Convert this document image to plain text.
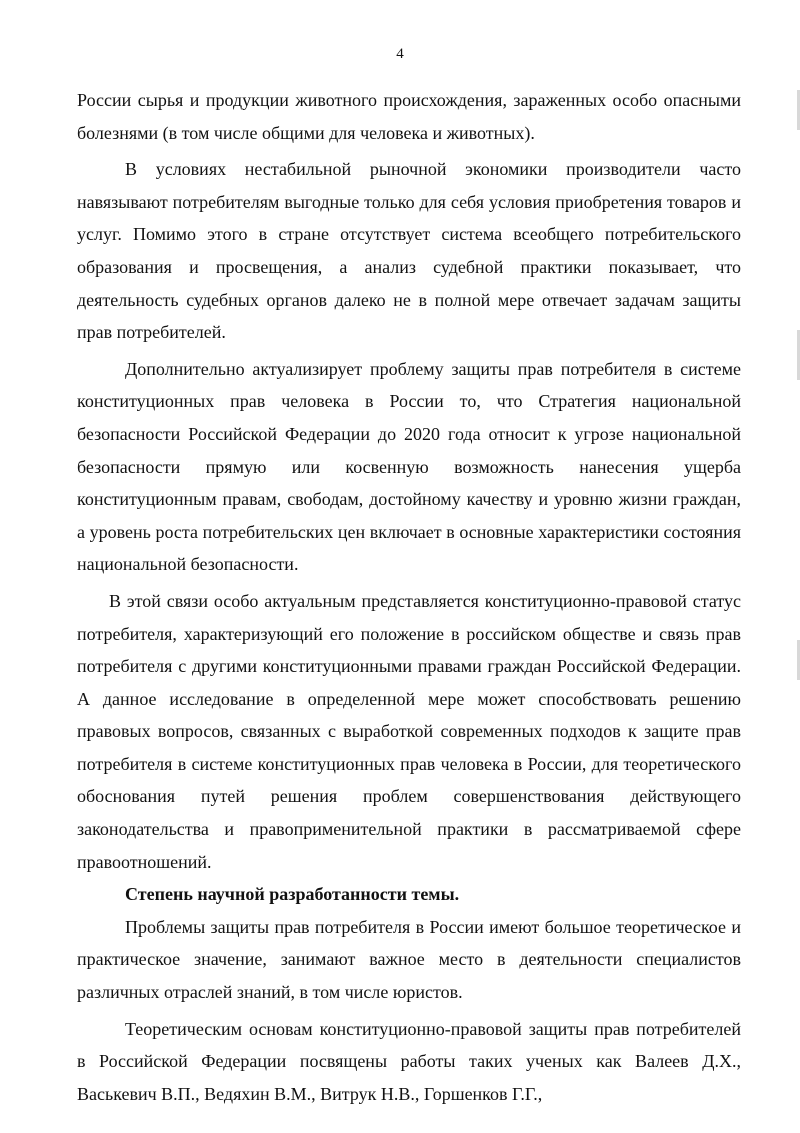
4

России сырья и продукции животного происхождения, зараженных особо опасными болезнями (в том числе общими для человека и животных).

В условиях нестабильной рыночной экономики производители часто навязывают потребителям выгодные только для себя условия приобретения товаров и услуг. Помимо этого в стране отсутствует система всеобщего потребительского образования и просвещения, а анализ судебной практики показывает, что деятельность судебных органов далеко не в полной мере отвечает задачам защиты прав потребителей.

Дополнительно актуализирует проблему защиты прав потребителя в системе конституционных прав человека в России то, что Стратегия национальной безопасности Российской Федерации до 2020 года относит к угрозе национальной безопасности прямую или косвенную возможность нанесения ущерба конституционным правам, свободам, достойному качеству и уровню жизни граждан, а уровень роста потребительских цен включает в основные характеристики состояния национальной безопасности.

В этой связи особо актуальным представляется конституционно-правовой статус потребителя, характеризующий его положение в российском обществе и связь прав потребителя с другими конституционными правами граждан Российской Федерации. А данное исследование в определенной мере может способствовать решению правовых вопросов, связанных с выработкой современных подходов к защите прав потребителя в системе конституционных прав человека в России, для теоретического обоснования путей решения проблем совершенствования действующего законодательства и правоприменительной практики в рассматриваемой сфере правоотношений.

Степень научной разработанности темы.

Проблемы защиты прав потребителя в России имеют большое теоретическое и практическое значение, занимают важное место в деятельности специалистов различных отраслей знаний, в том числе юристов.

Теоретическим основам конституционно-правовой защиты прав потребителей в Российской Федерации посвящены работы таких ученых как Валеев Д.Х., Васькевич В.П., Ведяхин В.М., Витрук Н.В., Горшенков Г.Г.,
